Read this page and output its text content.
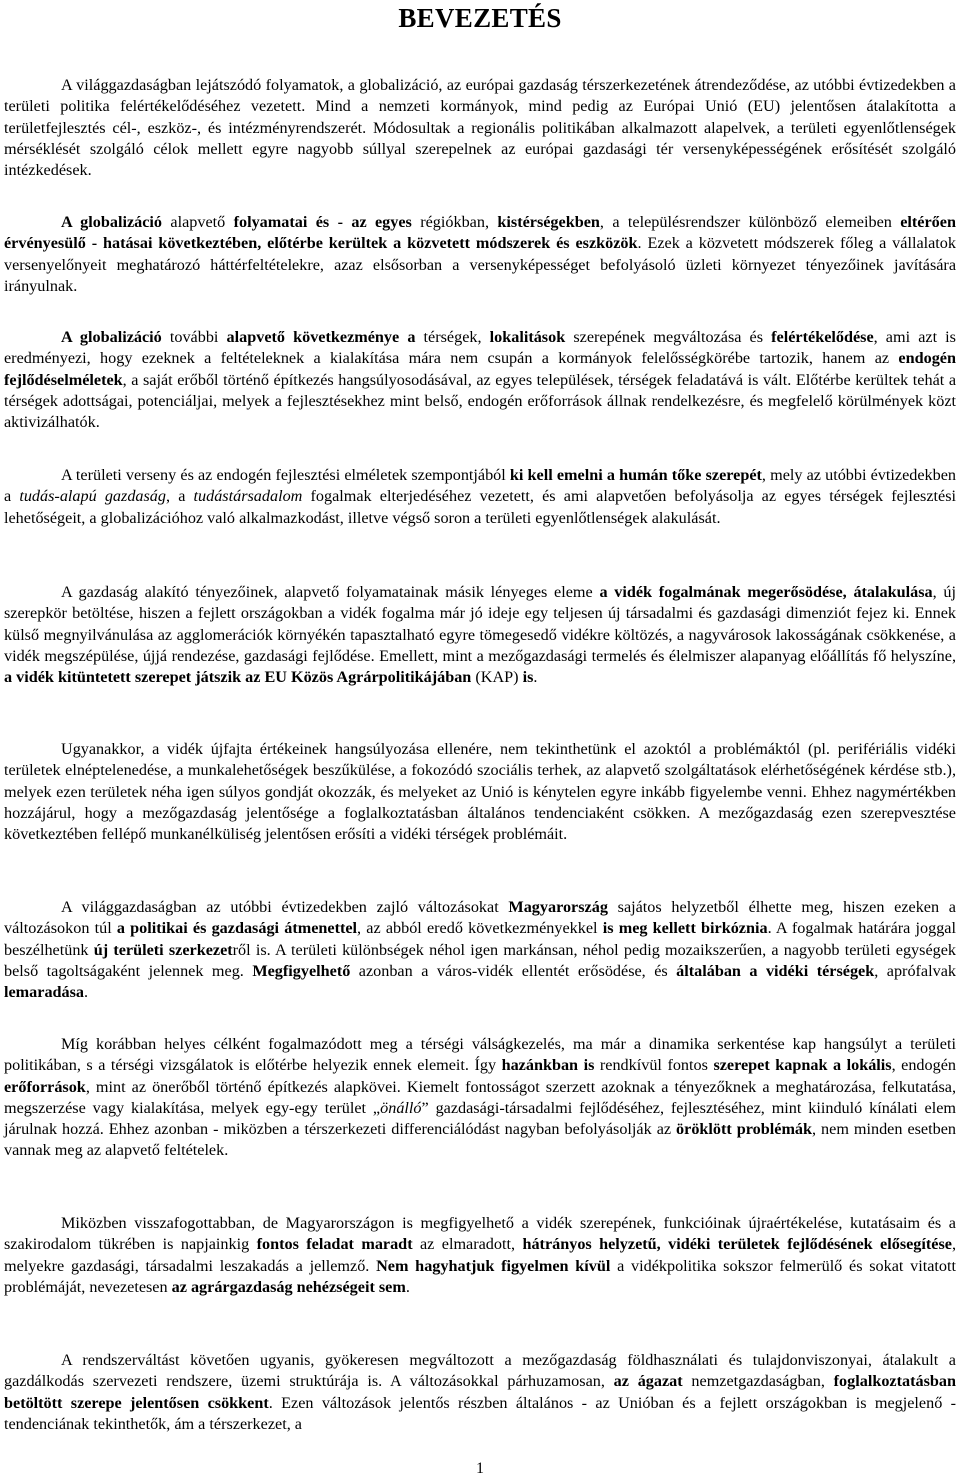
BEVEZETÉS

A világgazdaságban lejátszódó folyamatok, a globalizáció, az európai gazdaság térszerkezetének átrendeződése, az utóbbi évtizedekben a területi politika felértékelődéséhez vezetett. Mind a nemzeti kormányok, mind pedig az Európai Unió (EU) jelentősen átalakította a területfejlesztés cél-, eszköz-, és intézményrendszerét. Módosultak a regionális politikában alkalmazott alapelvek, a területi egyenlőtlenségek mérséklését szolgáló célok mellett egyre nagyobb súllyal szerepelnek az európai gazdasági tér versenyképességének erősítését szolgáló intézkedések.

A globalizáció alapvető folyamatai és - az egyes régiókban, kistérségekben, a településrendszer különböző elemeiben eltérően érvényesülő - hatásai következtében, előtérbe kerültek a közvetett módszerek és eszközök. Ezek a közvetett módszerek főleg a vállalatok versenyelőnyeit meghatározó háttérfeltételekre, azaz elsősorban a versenyképességet befolyásoló üzleti környezet tényezőinek javítására irányulnak.

A globalizáció további alapvető következménye a térségek, lokalitások szerepének megváltozása és felértékelődése, ami azt is eredményezi, hogy ezeknek a feltételeknek a kialakítása mára nem csupán a kormányok felelősségkörébe tartozik, hanem az endogén fejlődéselméletek, a saját erőből történő építkezés hangsúlyosodásával, az egyes települések, térségek feladatává is vált. Előtérbe kerültek tehát a térségek adottságai, potenciáljai, melyek a fejlesztésekhez mint belső, endogén erőforrások állnak rendelkezésre, és megfelelő körülmények közt aktivizálhatók.

A területi verseny és az endogén fejlesztési elméletek szempontjából ki kell emelni a humán tőke szerepét, mely az utóbbi évtizedekben a tudás-alapú gazdaság, a tudástársadalom fogalmak elterjedéséhez vezetett, és ami alapvetően befolyásolja az egyes térségek fejlesztési lehetőségeit, a globalizációhoz való alkalmazkodást, illetve végső soron a területi egyenlőtlenségek alakulását.

A gazdaság alakító tényezőinek, alapvető folyamatainak másik lényeges eleme a vidék fogalmának megerősödése, átalakulása, új szerepkör betöltése, hiszen a fejlett országokban a vidék fogalma már jó ideje egy teljesen új társadalmi és gazdasági dimenziót fejez ki. Ennek külső megnyilvánulása az agglomerációk környékén tapasztalható egyre tömegesedő vidékre költözés, a nagyvárosok lakosságának csökkenése, a vidék megszépülése, újjá rendezése, gazdasági fejlődése. Emellett, mint a mezőgazdasági termelés és élelmiszer alapanyag előállítás fő helyszíne, a vidék kitüntetett szerepet játszik az EU Közös Agrárpolitikájában (KAP) is.

Ugyanakkor, a vidék újfajta értékeinek hangsúlyozása ellenére, nem tekinthetünk el azoktól a problémáktól (pl. perifériális vidéki területek elnéptelenedése, a munkalehetőségek beszűkülése, a fokozódó szociális terhek, az alapvető szolgáltatások elérhetőségének kérdése stb.), melyek ezen területek néha igen súlyos gondját okozzák, és melyeket az Unió is kénytelen egyre inkább figyelembe venni. Ehhez nagymértékben hozzájárul, hogy a mezőgazdaság jelentősége a foglalkoztatásban általános tendenciaként csökken. A mezőgazdaság ezen szerepvesztése következtében fellépő munkanélküliség jelentősen erősíti a vidéki térségek problémáit.

A világgazdaságban az utóbbi évtizedekben zajló változásokat Magyarország sajátos helyzetből élhette meg, hiszen ezeken a változásokon túl a politikai és gazdasági átmenettel, az abból eredő következményekkel is meg kellett birkóznia. A fogalmak határára joggal beszélhetünk új területi szerkezetről is. A területi különbségek néhol igen markánsan, néhol pedig mozaikszerűen, a nagyobb területi egységek belső tagoltságaként jelennek meg. Megfigyelhető azonban a város-vidék ellentét erősödése, és általában a vidéki térségek, aprófalvak lemaradása.

Míg korábban helyes célként fogalmazódott meg a térségi válságkezelés, ma már a dinamika serkentése kap hangsúlyt a területi politikában, s a térségi vizsgálatok is előtérbe helyezik ennek elemeit. Így hazánkban is rendkívül fontos szerepet kapnak a lokális, endogén erőforrások, mint az önerőből történő építkezés alapkövei. Kiemelt fontosságot szerzett azoknak a tényezőknek a meghatározása, felkutatása, megszerzése vagy kialakítása, melyek egy-egy terület „önálló” gazdasági-társadalmi fejlődéséhez, fejlesztéséhez, mint kiinduló kínálati elem járulnak hozzá. Ehhez azonban - miközben a térszerkezeti differenciálódást nagyban befolyásolják az öröklött problémák, nem minden esetben vannak meg az alapvető feltételek.

Miközben visszafogottabban, de Magyarországon is megfigyelhető a vidék szerepének, funkcióinak újraértékelése, kutatásaim és a szakirodalom tükrében is napjainkig fontos feladat maradt az elmaradott, hátrányos helyzetű, vidéki területek fejlődésének elősegítése, melyekre gazdasági, társadalmi leszakadás a jellemző. Nem hagyhatjuk figyelmen kívül a vidékpolitika sokszor felmerülő és sokat vitatott problémáját, nevezetesen az agrárgazdaság nehézségeit sem.

A rendszerváltást követően ugyanis, gyökeresen megváltozott a mezőgazdaság földhasználati és tulajdonviszonyai, átalakult a gazdálkodás szervezeti rendszere, üzemi struktúrája is. A változásokkal párhuzamosan, az ágazat nemzetgazdaságban, foglalkoztatásban betöltött szerepe jelentősen csökkent. Ezen változások jelentős részben általános - az Unióban és a fejlett országokban is megjelenő - tendenciának tekinthetők, ám a térszerkezet, a

1
